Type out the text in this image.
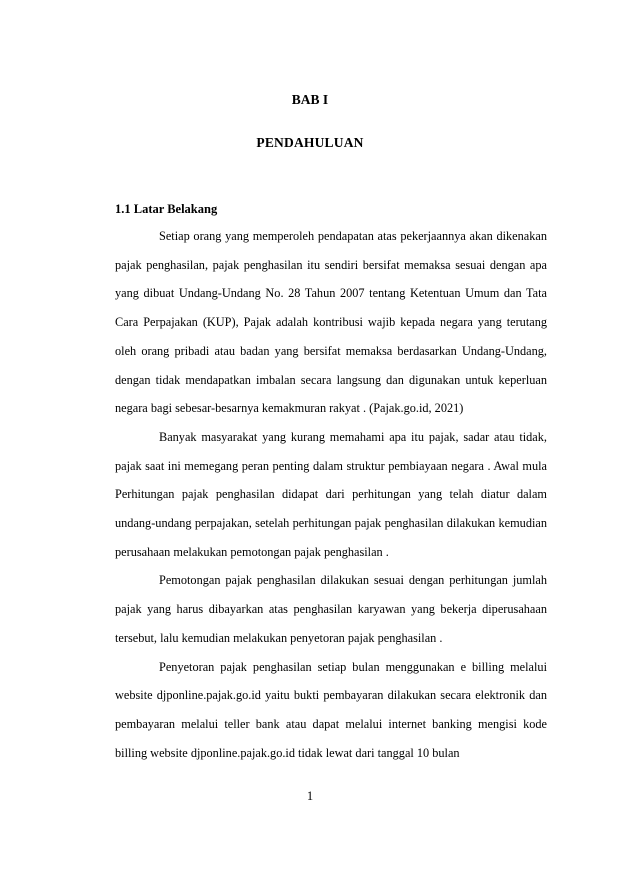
BAB I
PENDAHULUAN
1.1 Latar Belakang

Setiap orang yang memperoleh pendapatan atas pekerjaannya akan dikenakan pajak penghasilan, pajak penghasilan itu sendiri bersifat memaksa sesuai dengan apa yang dibuat Undang-Undang No. 28 Tahun 2007 tentang Ketentuan Umum dan Tata Cara Perpajakan (KUP), Pajak adalah kontribusi wajib kepada negara yang terutang oleh orang pribadi atau badan yang bersifat memaksa berdasarkan Undang-Undang, dengan tidak mendapatkan imbalan secara langsung dan digunakan untuk keperluan negara bagi sebesar-besarnya kemakmuran rakyat . (Pajak.go.id, 2021)

Banyak masyarakat yang kurang memahami apa itu pajak, sadar atau tidak, pajak saat ini memegang peran penting dalam struktur pembiayaan negara . Awal mula Perhitungan pajak penghasilan didapat dari perhitungan yang telah diatur dalam undang-undang perpajakan, setelah perhitungan pajak penghasilan dilakukan kemudian perusahaan melakukan pemotongan pajak penghasilan .

Pemotongan pajak penghasilan dilakukan sesuai dengan perhitungan jumlah pajak yang harus dibayarkan atas penghasilan karyawan yang bekerja diperusahaan tersebut, lalu kemudian melakukan penyetoran pajak penghasilan .

Penyetoran pajak penghasilan setiap bulan menggunakan e billing melalui website djponline.pajak.go.id yaitu bukti pembayaran dilakukan secara elektronik dan pembayaran melalui teller bank atau dapat melalui internet banking mengisi kode billing website djponline.pajak.go.id tidak lewat dari tanggal 10 bulan

1
